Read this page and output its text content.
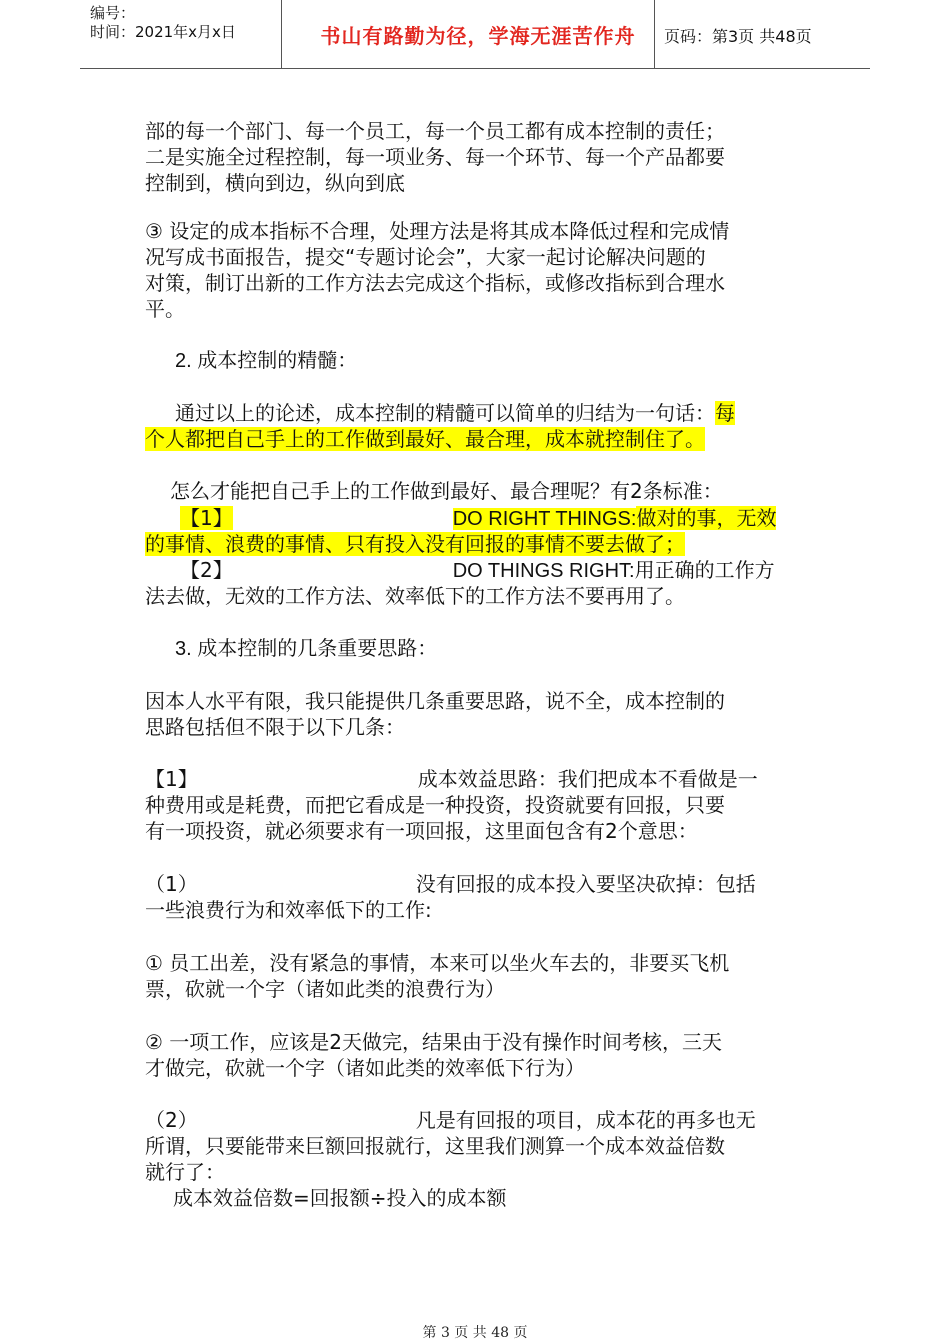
编号：
时间：2021年x月x日	书山有路勤为径，学海无涯苦作舟	页码：第3页 共48页

部的每一个部门、每一个员工，每一个员工都有成本控制的责任；

二是实施全过程控制，每一项业务、每一个环节、每一个产品都要

控制到，横向到边，纵向到底

③ 设定的成本指标不合理，处理方法是将其成本降低过程和完成情

况写成书面报告，提交“专题讨论会”，大家一起讨论解决问题的

对策，制订出新的工作方法去完成这个指标，或修改指标到合理水

平。

2. 成本控制的精髓：

通过以上的论述，成本控制的精髓可以简单的归结为一句话：每

个人都把自己手上的工作做到最好、最合理，成本就控制住了。

怎么才能把自己手上的工作做到最好、最合理呢？有2条标准：

【1】	DO RIGHT THINGS:做对的事，无效

的事情、浪费的事情、只有投入没有回报的事情不要去做了；

【2】	DO THINGS RIGHT:用正确的工作方

法去做，无效的工作方法、效率低下的工作方法不要再用了。

3. 成本控制的几条重要思路：

因本人水平有限，我只能提供几条重要思路，说不全，成本控制的

思路包括但不限于以下几条：

【1】	成本效益思路：我们把成本不看做是一

种费用或是耗费，而把它看成是一种投资，投资就要有回报，只要

有一项投资，就必须要求有一项回报，这里面包含有2个意思：

（1）	没有回报的成本投入要坚决砍掉：包括

一些浪费行为和效率低下的工作:

① 员工出差，没有紧急的事情，本来可以坐火车去的，非要买飞机

票，砍就一个字（诸如此类的浪费行为）

② 一项工作，应该是2天做完，结果由于没有操作时间考核，三天

才做完，砍就一个字（诸如此类的效率低下行为）

（2）	凡是有回报的项目，成本花的再多也无

所谓，只要能带来巨额回报就行，这里我们测算一个成本效益倍数

就行了：

成本效益倍数=回报额÷投入的成本额

第 3 页 共 48 页
